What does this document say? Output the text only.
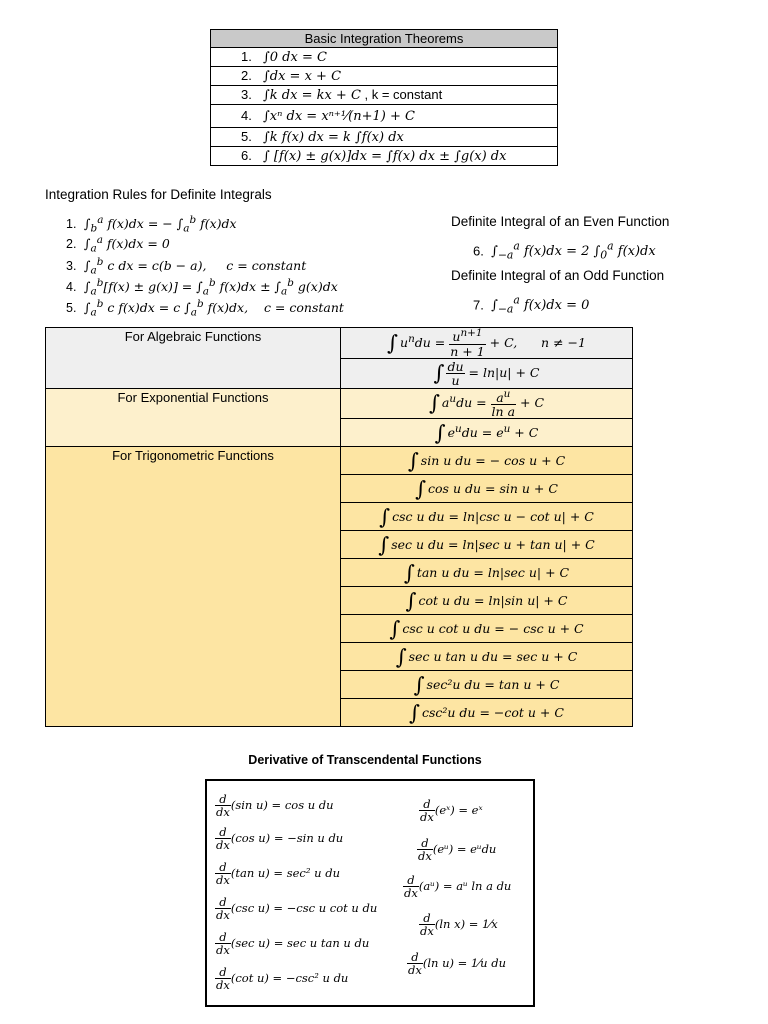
Basic Integration Theorems
1. ∫0 dx = C
2. ∫dx = x + C
3. ∫k dx = kx + C , k = constant
4. ∫xⁿ dx = xⁿ⁺¹⁄(n+1) + C
5. ∫k f(x) dx = k ∫f(x) dx
6. ∫ [f(x) ± g(x)]dx = ∫f(x) dx ± ∫g(x) dx
Integration Rules for Definite Integrals
1. $\int_b^a$ f(x)dx = − $\int_a^b$ f(x)dx
2. $\int_a^a$ f(x)dx = 0
3. $\int_a^b$ c dx = c(b − a),     c = constant
4. $\int_a^b[f(x) \pm g(x)] = \int_a^b$ $f(x)dx \pm \int_a^b$ g(x)dx
5. $\int_a^b$ c f(x)dx = c $\int_a^b$ f(x)dx,    c = constant
Definite Integral of an Even Function
6. $\int_{-a}^a$ f(x)dx = 2 $\int_0^a$ f(x)dx
Definite Integral of an Odd Function
7. $\int_{-a}^a$ f(x)dx = 0
For Algebraic Functions	∫ $u^ndu = \frac{u^{n+1}}{n + 1} + C$,      n ≠ −1
	∫ $\frac{du}{u} = \ln|u| + C$
For Exponential Functions	∫ $a^udu = \frac{a^u}{\text{ln a}} + C$
	∫ $e^udu = e^u + C$
For Trigonometric Functions	∫ sin u du = − cos u + C
	∫ cos u du = sin u + C
	∫ csc u du = ln|csc u − cot u| + C
	∫ sec u du = ln|sec u + tan u| + C
	∫ tan u du = ln|sec u| + C
	∫ cot u du = ln|sin u| + C
	∫ csc u cot u du = − csc u + C
	∫ sec u tan u du = sec u + C
	∫ sec²u du = tan u + C
	∫ csc²u du = −cot u + C
Derivative of Transcendental Functions
$\frac{d}{dx} (\sin$ u) = cos u du
$\frac{d}{dx} (\cos$ u) = −sin u du
$\frac{d}{dx} (\tan$ u) = sec² u du
$\frac{d}{dx} (\csc$ u) = −csc u cot u du
$\frac{d}{dx} (\sec$ u) = sec u tan u du
$\frac{d}{dx} (\cot$ u) = −csc² u du
$\frac{d}{dx}$ (eˣ) = eˣ
$\frac{d}{dx}$ (eᵘ) = eᵘdu
$\frac{d}{dx}$ (aᵘ) = aᵘ ln a du
$\frac{d}{dx} (\ln$ x) = 1⁄x
$\frac{d}{dx} (\ln$ u) = 1⁄u du
